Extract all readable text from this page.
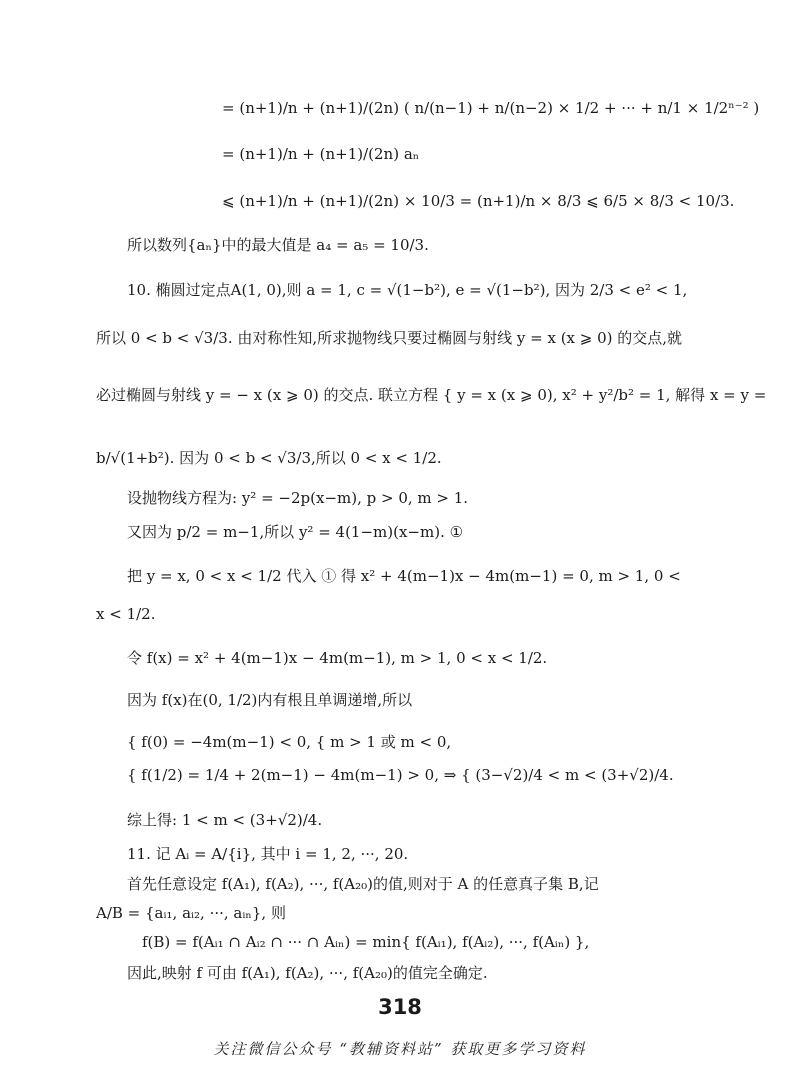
= (n+1)/n + (n+1)/(2n) ( n/(n−1) + n/(n−2) × 1/2 + ··· + n/1 × 1/2ⁿ⁻² )
= (n+1)/n + (n+1)/(2n) aₙ
⩽ (n+1)/n + (n+1)/(2n) × 10/3 = (n+1)/n × 8/3 ⩽ 6/5 × 8/3 < 10/3.
所以数列{aₙ}中的最大值是 a₄ = a₅ = 10/3.
10. 椭圆过定点A(1, 0),则 a = 1, c = √(1−b²), e = √(1−b²), 因为 2/3 < e² < 1,
所以 0 < b < √3/3. 由对称性知,所求抛物线只要过椭圆与射线 y = x (x ⩾ 0) 的交点,就
必过椭圆与射线 y = − x (x ⩾ 0) 的交点. 联立方程 { y = x (x ⩾ 0), x² + y²/b² = 1, 解得 x = y =
b/√(1+b²). 因为 0 < b < √3/3,所以 0 < x < 1/2.
设抛物线方程为: y² = −2p(x−m), p > 0, m > 1.
又因为 p/2 = m−1,所以 y² = 4(1−m)(x−m). ①
把 y = x, 0 < x < 1/2 代入 ① 得 x² + 4(m−1)x − 4m(m−1) = 0, m > 1, 0 <
x < 1/2.
令 f(x) = x² + 4(m−1)x − 4m(m−1), m > 1, 0 < x < 1/2.
因为 f(x)在(0, 1/2)内有根且单调递增,所以
{ f(0) = −4m(m−1) < 0, { m > 1 或 m < 0,
{ f(1/2) = 1/4 + 2(m−1) − 4m(m−1) > 0, ⇒ { (3−√2)/4 < m < (3+√2)/4.
综上得: 1 < m < (3+√2)/4.
11. 记 Aᵢ = A/{i}, 其中 i = 1, 2, ···, 20.
首先任意设定 f(A₁), f(A₂), ···, f(A₂₀)的值,则对于 A 的任意真子集 B,记
A/B = {aᵢ₁, aᵢ₂, ···, aᵢₙ}, 则
f(B) = f(Aᵢ₁ ∩ Aᵢ₂ ∩ ··· ∩ Aᵢₙ) = min{ f(Aᵢ₁), f(Aᵢ₂), ···, f(Aᵢₙ) },
因此,映射 f 可由 f(A₁), f(A₂), ···, f(A₂₀)的值完全确定.
318
关注微信公众号 “教辅资料站” 获取更多学习资料
